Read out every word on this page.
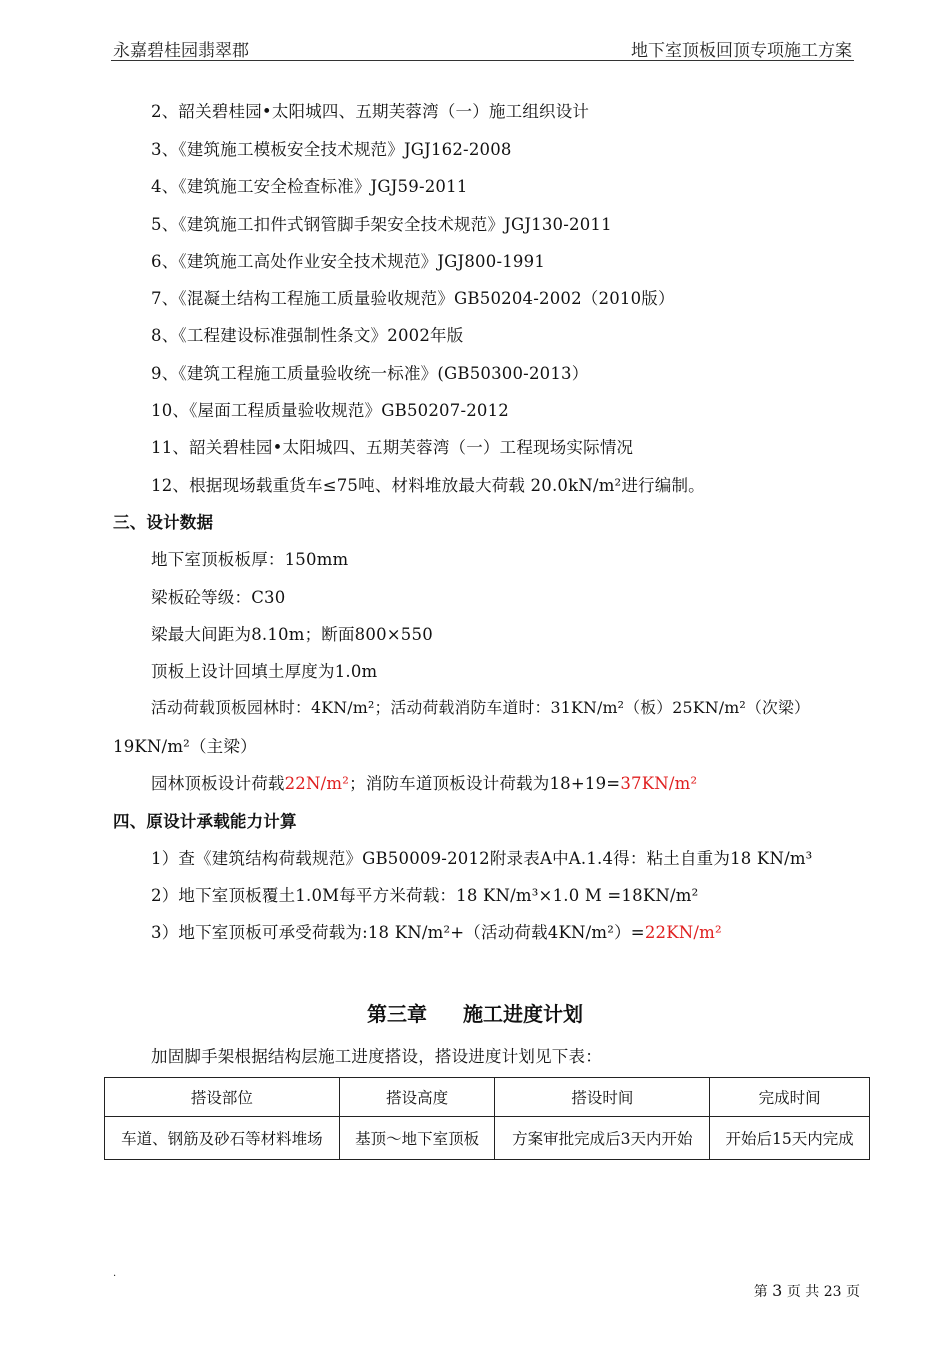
永嘉碧桂园翡翠郡	地下室顶板回顶专项施工方案
2、韶关碧桂园•太阳城四、五期芙蓉湾（一）施工组织设计
3、《建筑施工模板安全技术规范》JGJ162-2008
4、《建筑施工安全检查标准》JGJ59-2011
5、《建筑施工扣件式钢管脚手架安全技术规范》JGJ130-2011
6、《建筑施工高处作业安全技术规范》JGJ800-1991
7、《混凝土结构工程施工质量验收规范》GB50204-2002（2010版）
8、《工程建设标准强制性条文》2002年版
9、《建筑工程施工质量验收统一标准》(GB50300-2013）
10、《屋面工程质量验收规范》GB50207-2012
11、韶关碧桂园•太阳城四、五期芙蓉湾（一）工程现场实际情况
12、根据现场载重货车≤75吨、材料堆放最大荷载 20.0kN/m²进行编制。
三、设计数据
地下室顶板板厚：150mm
梁板砼等级：C30
梁最大间距为8.10m；断面800×550
顶板上设计回填土厚度为1.0m
活动荷载顶板园林时：4KN/m²；活动荷载消防车道时：31KN/m²（板）25KN/m²（次梁）
19KN/m²（主梁）
园林顶板设计荷载22N/m²；消防车道顶板设计荷载为18+19=37KN/m²
四、原设计承载能力计算
1）查《建筑结构荷载规范》GB50009-2012附录表A中A.1.4得：粘土自重为18 KN/m³
2）地下室顶板覆土1.0M每平方米荷载：18 KN/m³×1.0 M =18KN/m²
3）地下室顶板可承受荷载为:18 KN/m²+（活动荷载4KN/m²）=22KN/m²
第三章 施工进度计划
加固脚手架根据结构层施工进度搭设，搭设进度计划见下表：
搭设部位	搭设高度	搭设时间	完成时间
车道、钢筋及砂石等材料堆场	基顶～地下室顶板	方案审批完成后3天内开始	开始后15天内完成
.
第 3 页 共 23 页
